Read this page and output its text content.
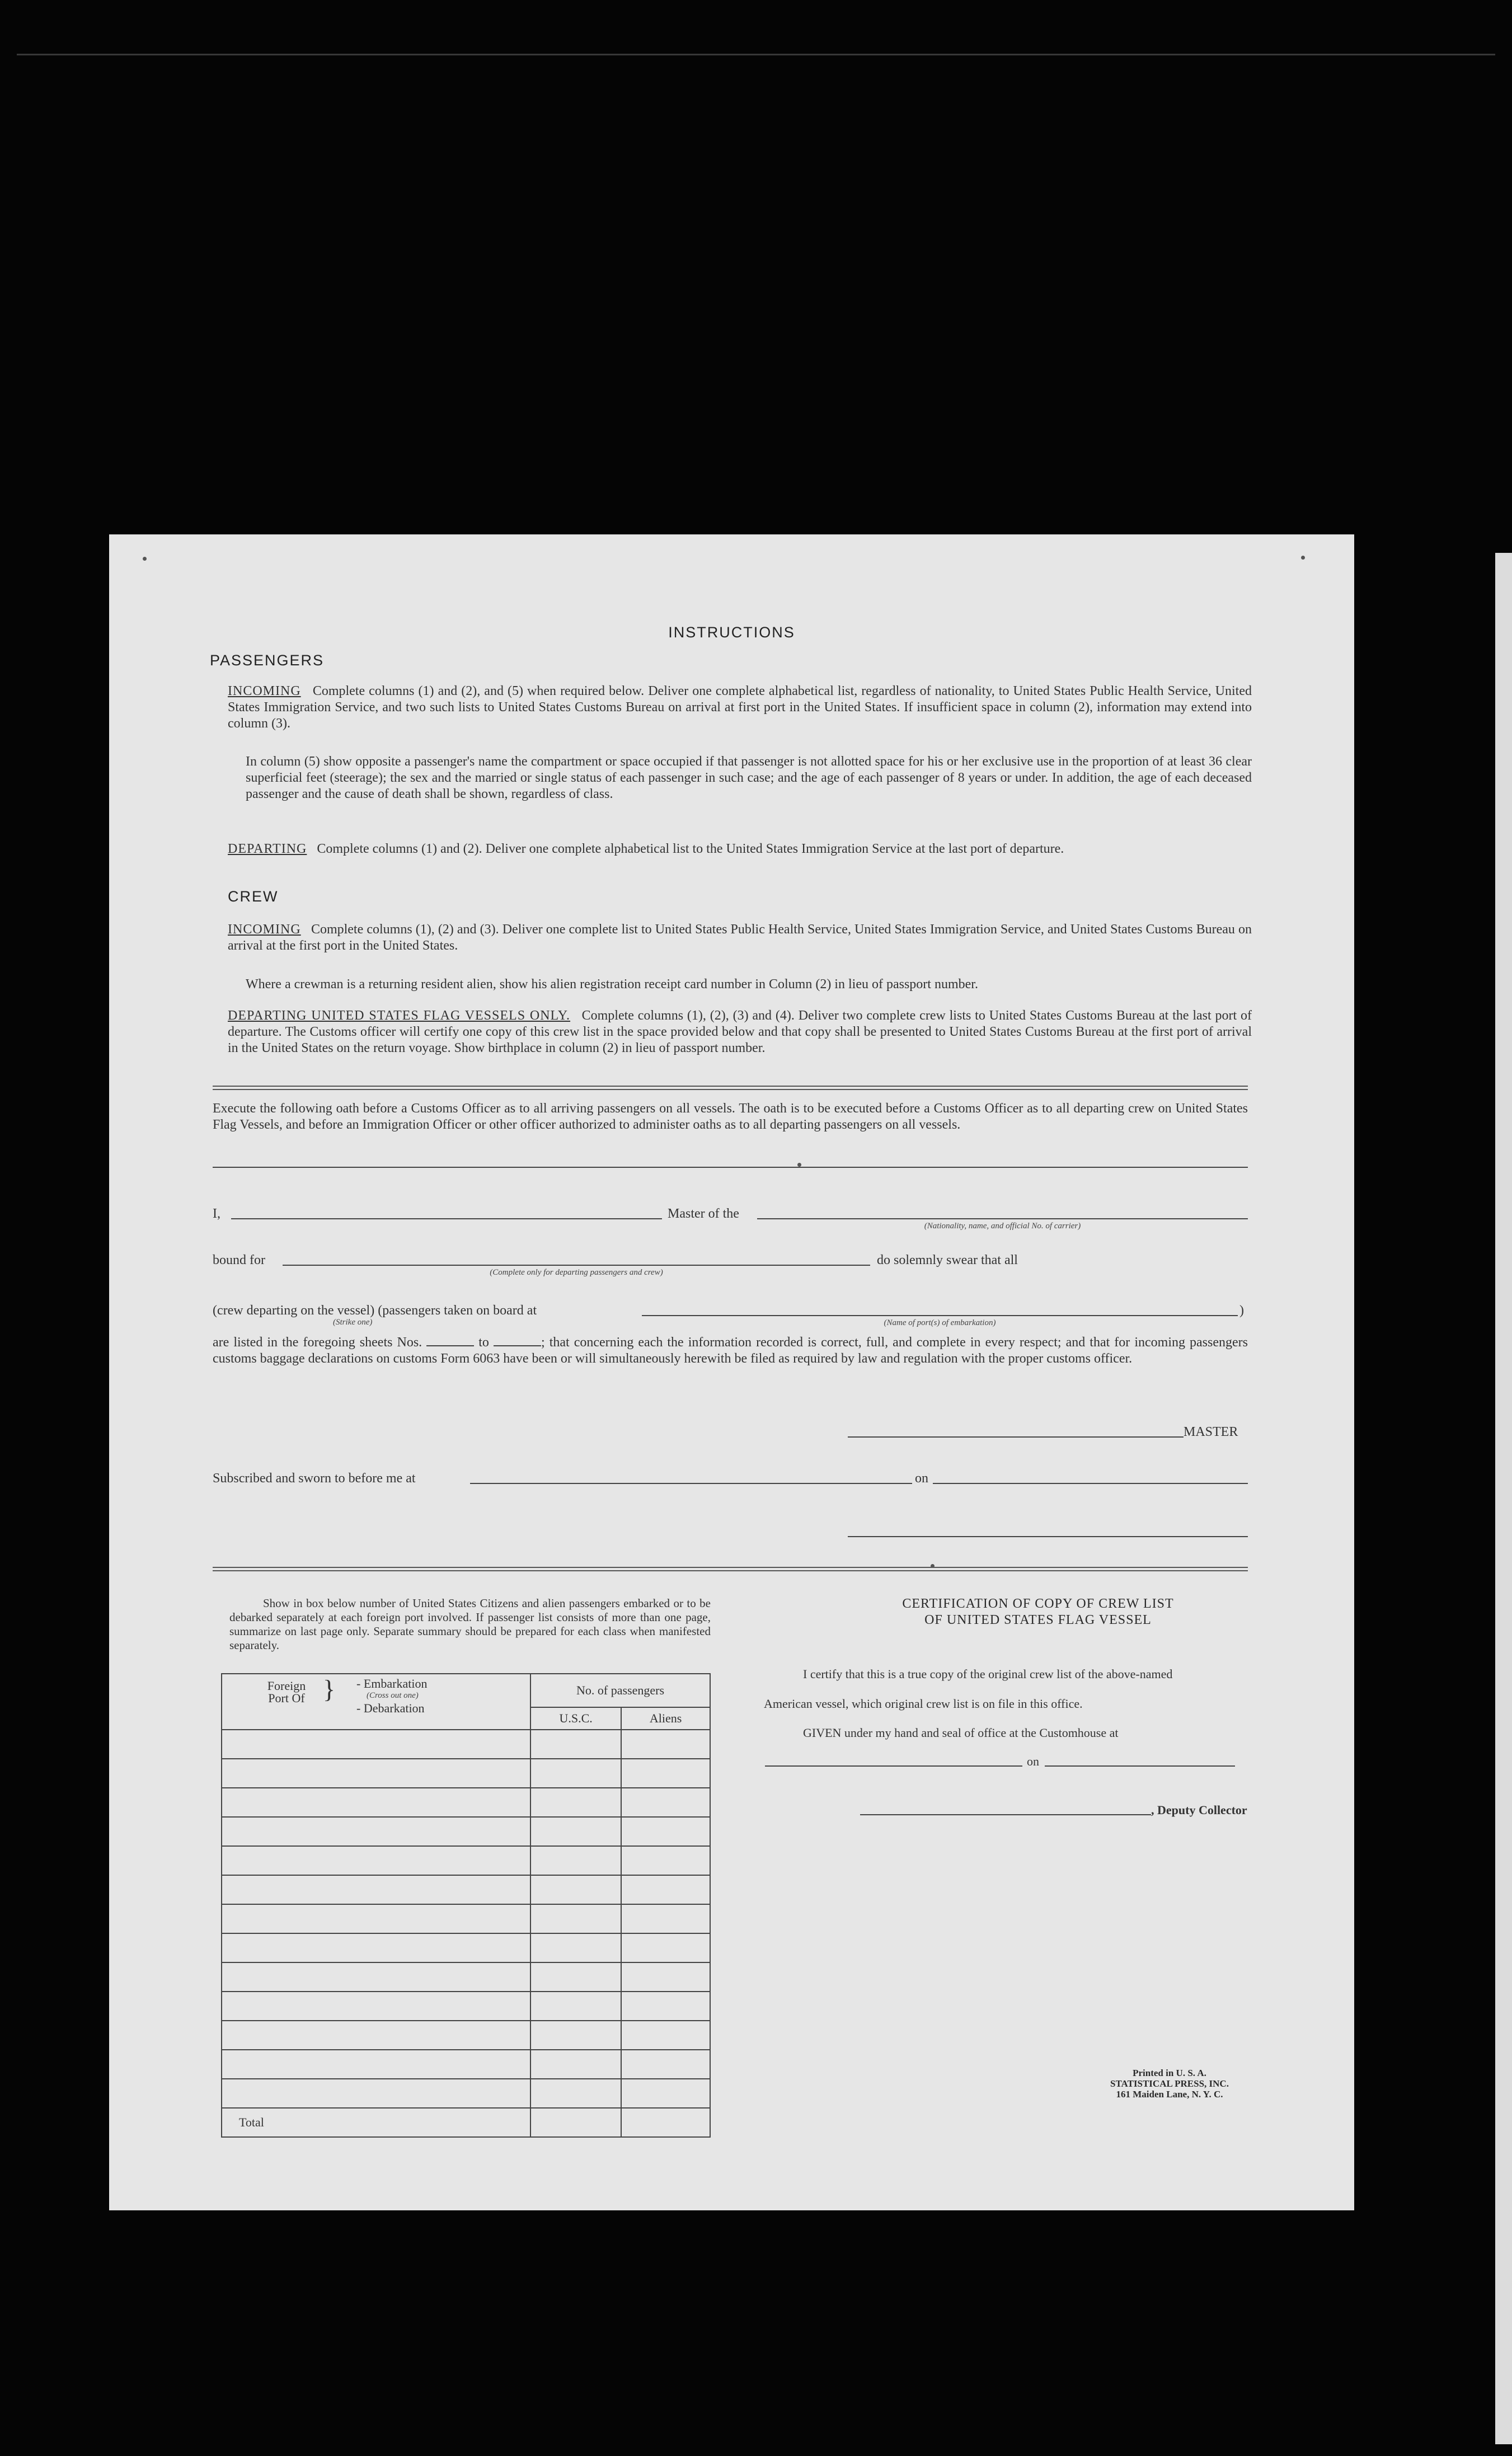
INSTRUCTIONS
PASSENGERS
INCOMING Complete columns (1) and (2), and (5) when required below. Deliver one complete alphabetical list, regardless of nationality, to United States Public Health Service, United States Immigration Service, and two such lists to United States Customs Bureau on arrival at first port in the United States. If insufficient space in column (2), information may extend into column (3).
In column (5) show opposite a passenger's name the compartment or space occupied if that passenger is not allotted space for his or her exclusive use in the proportion of at least 36 clear superficial feet (steerage); the sex and the married or single status of each passenger in such case; and the age of each passenger of 8 years or under. In addition, the age of each deceased passenger and the cause of death shall be shown, regardless of class.
DEPARTING Complete columns (1) and (2). Deliver one complete alphabetical list to the United States Immigration Service at the last port of departure.
CREW
INCOMING Complete columns (1), (2) and (3). Deliver one complete list to United States Public Health Service, United States Immigration Service, and United States Customs Bureau on arrival at the first port in the United States.
Where a crewman is a returning resident alien, show his alien registration receipt card number in Column (2) in lieu of passport number.
DEPARTING UNITED STATES FLAG VESSELS ONLY. Complete columns (1), (2), (3) and (4). Deliver two complete crew lists to United States Customs Bureau at the last port of departure. The Customs officer will certify one copy of this crew list in the space provided below and that copy shall be presented to United States Customs Bureau at the first port of arrival in the United States on the return voyage. Show birthplace in column (2) in lieu of passport number.
Execute the following oath before a Customs Officer as to all arriving passengers on all vessels. The oath is to be executed before a Customs Officer as to all departing crew on United States Flag Vessels, and before an Immigration Officer or other officer authorized to administer oaths as to all departing passengers on all vessels.
I,	Master of the
(Nationality, name, and official No. of carrier)
bound for
(Complete only for departing passengers and crew)
do solemnly swear that all
(crew departing on the vessel) (passengers taken on board at
(Strike one)	(Name of port(s) of embarkation)
)
are listed in the foregoing sheets Nos.	to	; that concerning each the information recorded is correct, full, and complete in every respect; and that for incoming passengers customs baggage declarations on customs Form 6063 have been or will simultaneously herewith be filed as required by law and regulation with the proper customs officer.
MASTER
Subscribed and sworn to before me at	on
Show in box below number of United States Citizens and alien passengers embarked or to be debarked separately at each foreign port involved. If passenger list consists of more than one page, summarize on last page only. Separate summary should be prepared for each class when manifested separately.
Foreign Port Of } - Embarkation
(Cross out one)
- Debarkation	No. of passengers	
	U.S.C.	Aliens

Total		
CERTIFICATION OF COPY OF CREW LIST
OF UNITED STATES FLAG VESSEL
I certify that this is a true copy of the original crew list of the above-named
American vessel, which original crew list is on file in this office.
GIVEN under my hand and seal of office at the Customhouse at
on
, Deputy Collector
Printed in U. S. A.
STATISTICAL PRESS, INC.
161 Maiden Lane, N. Y. C.
